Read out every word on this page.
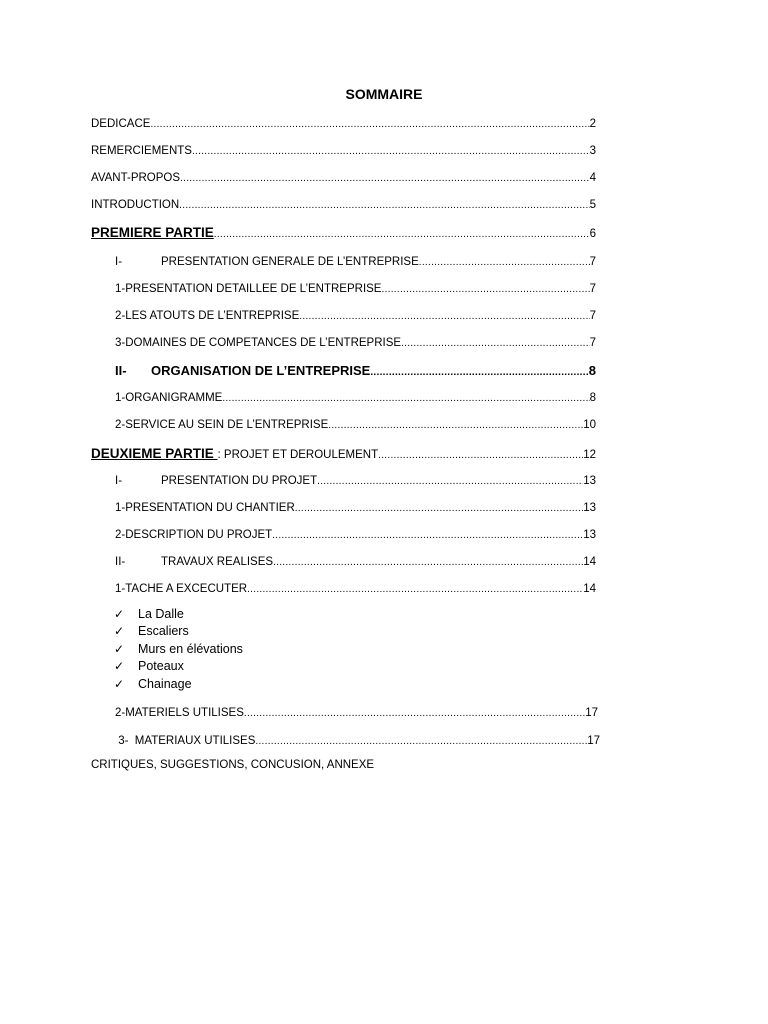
SOMMAIRE
DEDICACE .....	2
REMERCIEMENTS .....	3
AVANT-PROPOS .....	4
INTRODUCTION .....	5
PREMIERE PARTIE .....	6
I-	PRESENTATION GENERALE DE L’ENTREPRISE .....	7
1-PRESENTATION DETAILLEE DE L’ENTREPRISE .....	7
2-LES ATOUTS DE L’ENTREPRISE .....	7
3-DOMAINES DE COMPETANCES DE L’ENTREPRISE .....	7
II- ORGANISATION DE L’ENTREPRISE .....	8
1-ORGANIGRAMME .....	8
2-SERVICE AU SEIN DE L’ENTREPRISE .....	10
DEUXIEME PARTIE : PROJET ET DEROULEMENT .....	12
I-	PRESENTATION DU PROJET .....	13
1-PRESENTATION DU CHANTIER .....	13
2-DESCRIPTION DU PROJET .....	13
II-	TRAVAUX REALISES .....	14
1-TACHE A EXCECUTER .....	14
✓	La Dalle
✓	Escaliers
✓	Murs en élévations
✓	Poteaux
✓	Chainage
2-MATERIELS UTILISES .....	17
3-  MATERIAUX UTILISES .....	17
CRITIQUES, SUGGESTIONS, CONCUSION, ANNEXE
